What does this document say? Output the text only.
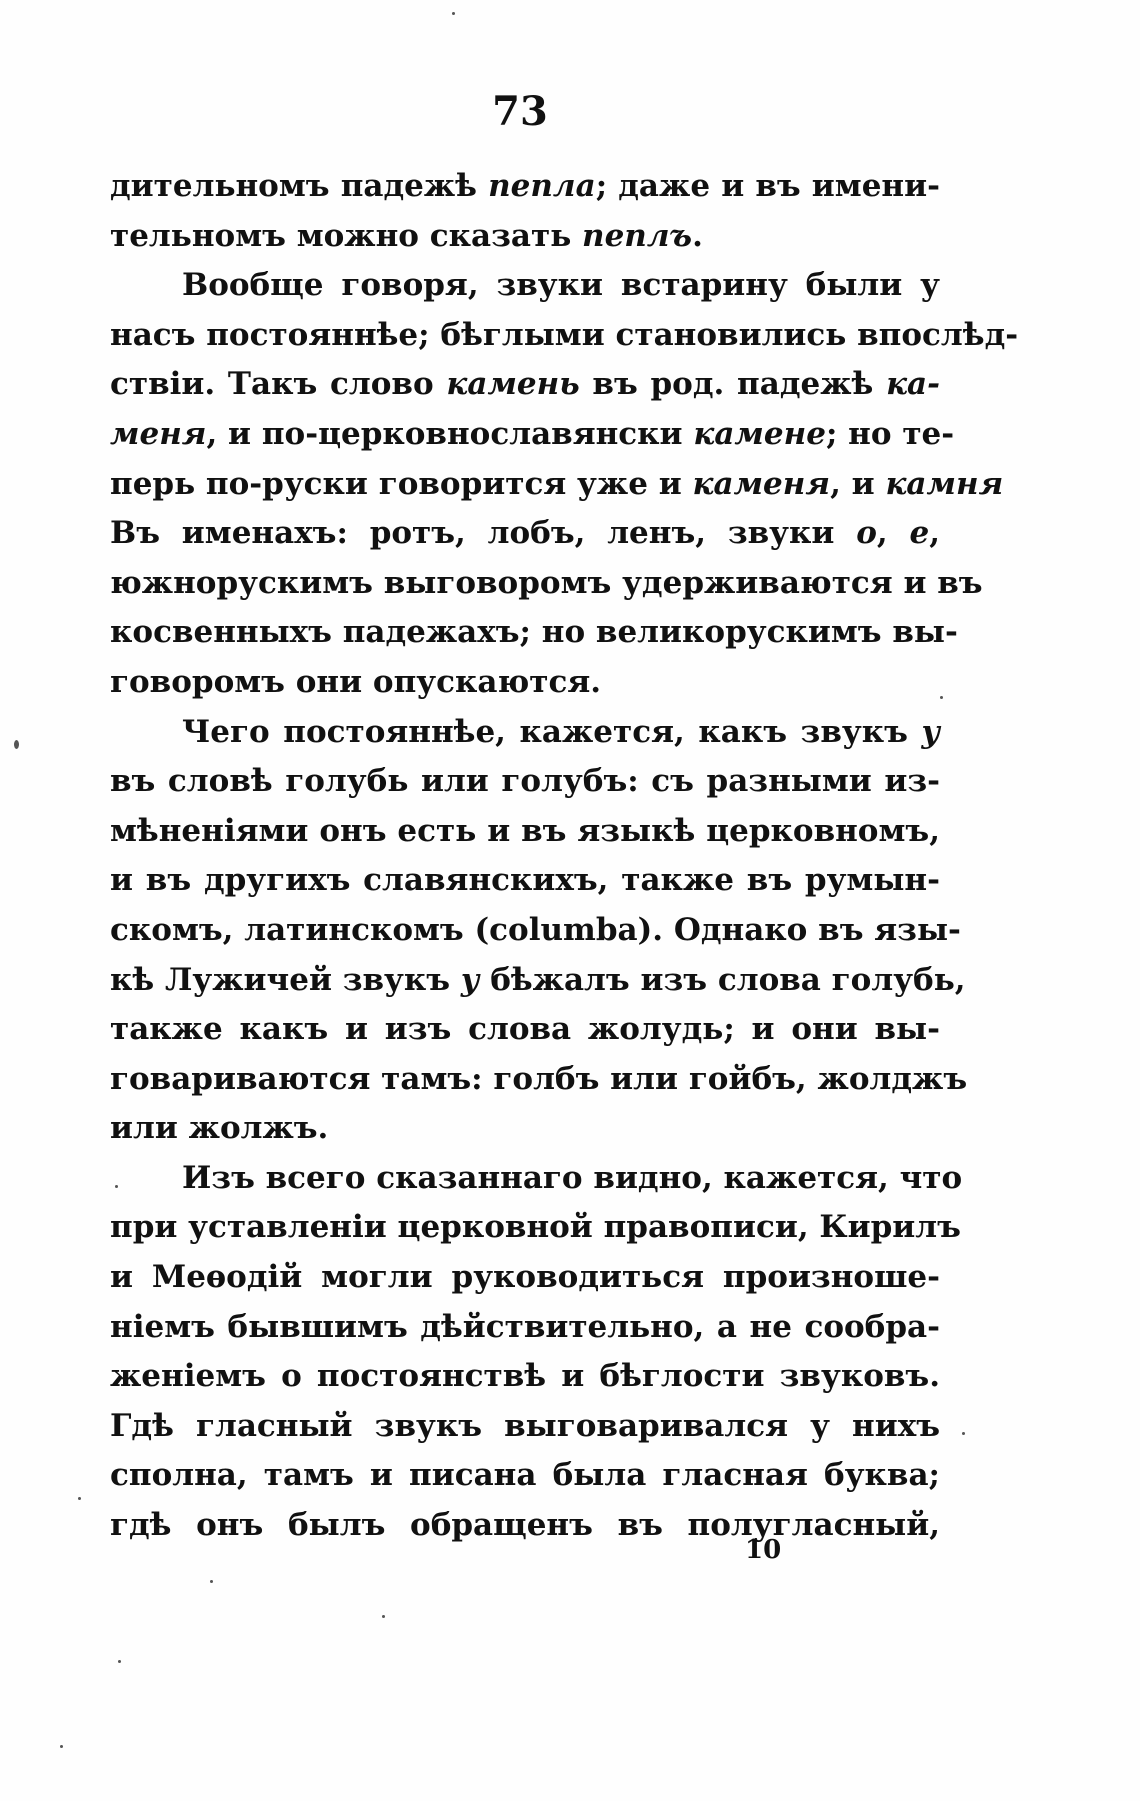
73
дительномъ падежѣ пепла; даже и въ имени-
тельномъ можно сказать пеплъ.
Вообще говоря, звуки встарину были у
насъ постояннѣе; бѣглыми становились впослѣд-
ствіи. Такъ слово камень въ род. падежѣ ка-
меня, и по-церковнославянски камене; но те-
перь по-руски говорится уже и каменя, и камня
Въ именахъ: ротъ, лобъ, ленъ, звуки о, е,
южнорускимъ выговоромъ удерживаются и въ
косвенныхъ падежахъ; но великорускимъ вы-
говоромъ они опускаются.
Чего постояннѣе, кажется, какъ звукъ у
въ словѣ голубь или голубъ: съ разными из-
мѣненіями онъ есть и въ языкѣ церковномъ,
и въ другихъ славянскихъ, также въ румын-
скомъ, латинскомъ (columba). Однако въ язы-
кѣ Лужичей звукъ у бѣжалъ изъ слова голубь,
также какъ и изъ слова жолудь; и они вы-
говариваются тамъ: голбъ или гойбъ, жолджъ
или жолжъ.
Изъ всего сказаннаго видно, кажется, что
при уставленіи церковной правописи, Кирилъ
и Меѳодій могли руководиться произноше-
ніемъ бывшимъ дѣйствительно, а не сообра-
женіемъ о постоянствѣ и бѣглости звуковъ.
Гдѣ гласный звукъ выговаривался у нихъ
сполна, тамъ и писана была гласная буква;
гдѣ онъ былъ обращенъ въ полугласный,
10
